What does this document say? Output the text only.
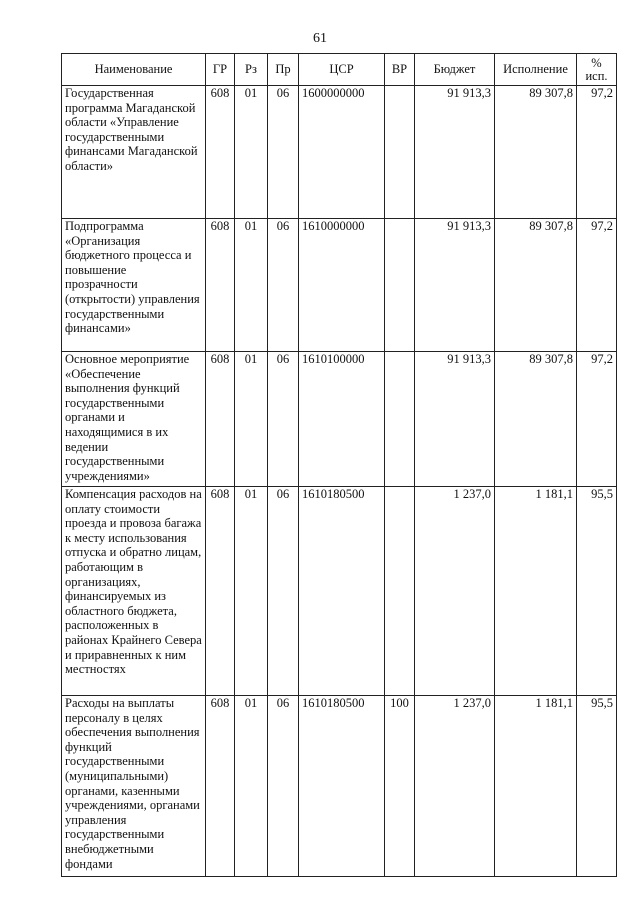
61
Наименование	ГР	Рз	Пр	ЦСР	ВР	Бюджет	Исполнение	%
исп.

Государственная программа Магаданской области «Управление государственными финансами Магаданской области»	608	01	06	1600000000		91 913,3	89 307,8	97,2
Подпрограмма «Организация бюджетного процесса и повышение прозрачности (открытости) управления государственными финансами»	608	01	06	1610000000		91 913,3	89 307,8	97,2
Основное мероприятие «Обеспечение выполнения функций государственными органами и находящимися в их ведении государственными учреждениями»	608	01	06	1610100000		91 913,3	89 307,8	97,2
Компенсация расходов на оплату стоимости проезда и провоза багажа к месту использования отпуска и обратно лицам, работающим в организациях, финансируемых из областного бюджета, расположенных в районах Крайнего Севера и приравненных к ним местностях	608	01	06	1610180500		1 237,0	1 181,1	95,5
Расходы на выплаты персоналу в целях обеспечения выполнения функций государственными (муниципальными) органами, казенными учреждениями, органами управления государственными внебюджетными фондами	608	01	06	1610180500	100	1 237,0	1 181,1	95,5
